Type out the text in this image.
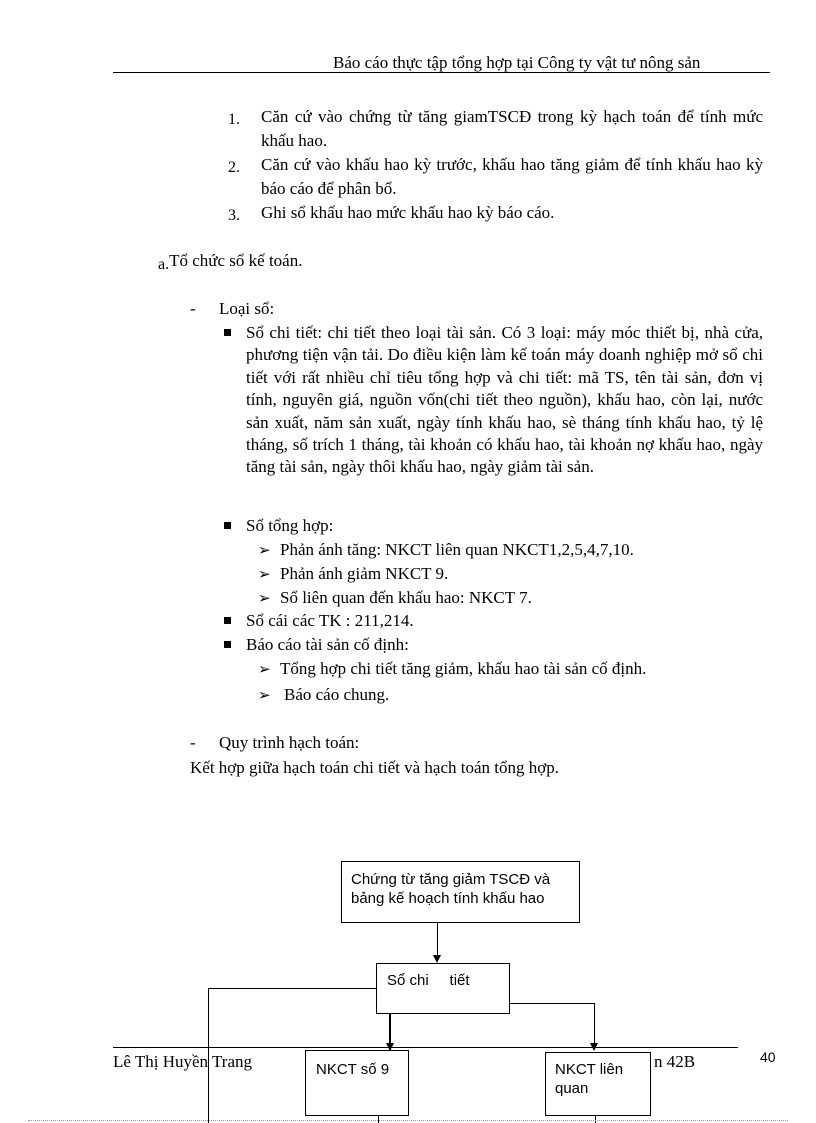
Báo cáo thực tập tổng hợp tại Công ty vật tư nông sản
1. Căn cứ vào chứng từ tăng giamTSCĐ trong kỳ hạch toán để tính mức khấu hao.
2. Căn cứ vào khấu hao kỳ trước, khấu hao tăng giảm để tính khấu hao kỳ báo cáo để phân bổ.
3. Ghi sổ khấu hao mức khấu hao kỳ báo cáo.
a.Tổ chức sổ kế toán.
- Loại sổ:
Sổ chi tiết: chi tiết theo loại tài sản. Có 3 loại: máy móc thiết bị, nhà cửa, phương tiện vận tải. Do điều kiện làm kế toán máy doanh nghiệp mở sổ chi tiết với rất nhiều chỉ tiêu tổng hợp và chi tiết: mã TS, tên tài sản, đơn vị tính, nguyên giá, nguồn vốn(chi tiết theo nguồn), khấu hao, còn lại, nước sản xuất, năm sản xuất, ngày tính khấu hao, sè tháng tính khấu hao, tỷ lệ tháng, số trích 1 tháng, tài khoản có khấu hao, tài khoản nợ khấu hao, ngày tăng tài sản, ngày thôi khấu hao, ngày giảm tài sản.
Sổ tổng hợp:
➢ Phản ánh tăng: NKCT liên quan NKCT1,2,5,4,7,10.
➢ Phản ánh giảm NKCT 9.
➢ Sổ liên quan đến khấu hao: NKCT 7.
Sổ cái các TK : 211,214.
Báo cáo tài sản cố định:
➢ Tổng hợp chi tiết tăng giảm, khấu hao tài sản cố định.
➢ Báo cáo chung.
- Quy trình hạch toán:
Kết hợp giữa hạch toán chi tiết và hạch toán tổng hợp.
Chứng từ tăng giảm TSCĐ và
bảng kế hoạch tính khấu hao
Sổ chi     tiết
Lê Thị Huyền Trang	n 42B	40
NKCT số 9	NKCT liên
quan
